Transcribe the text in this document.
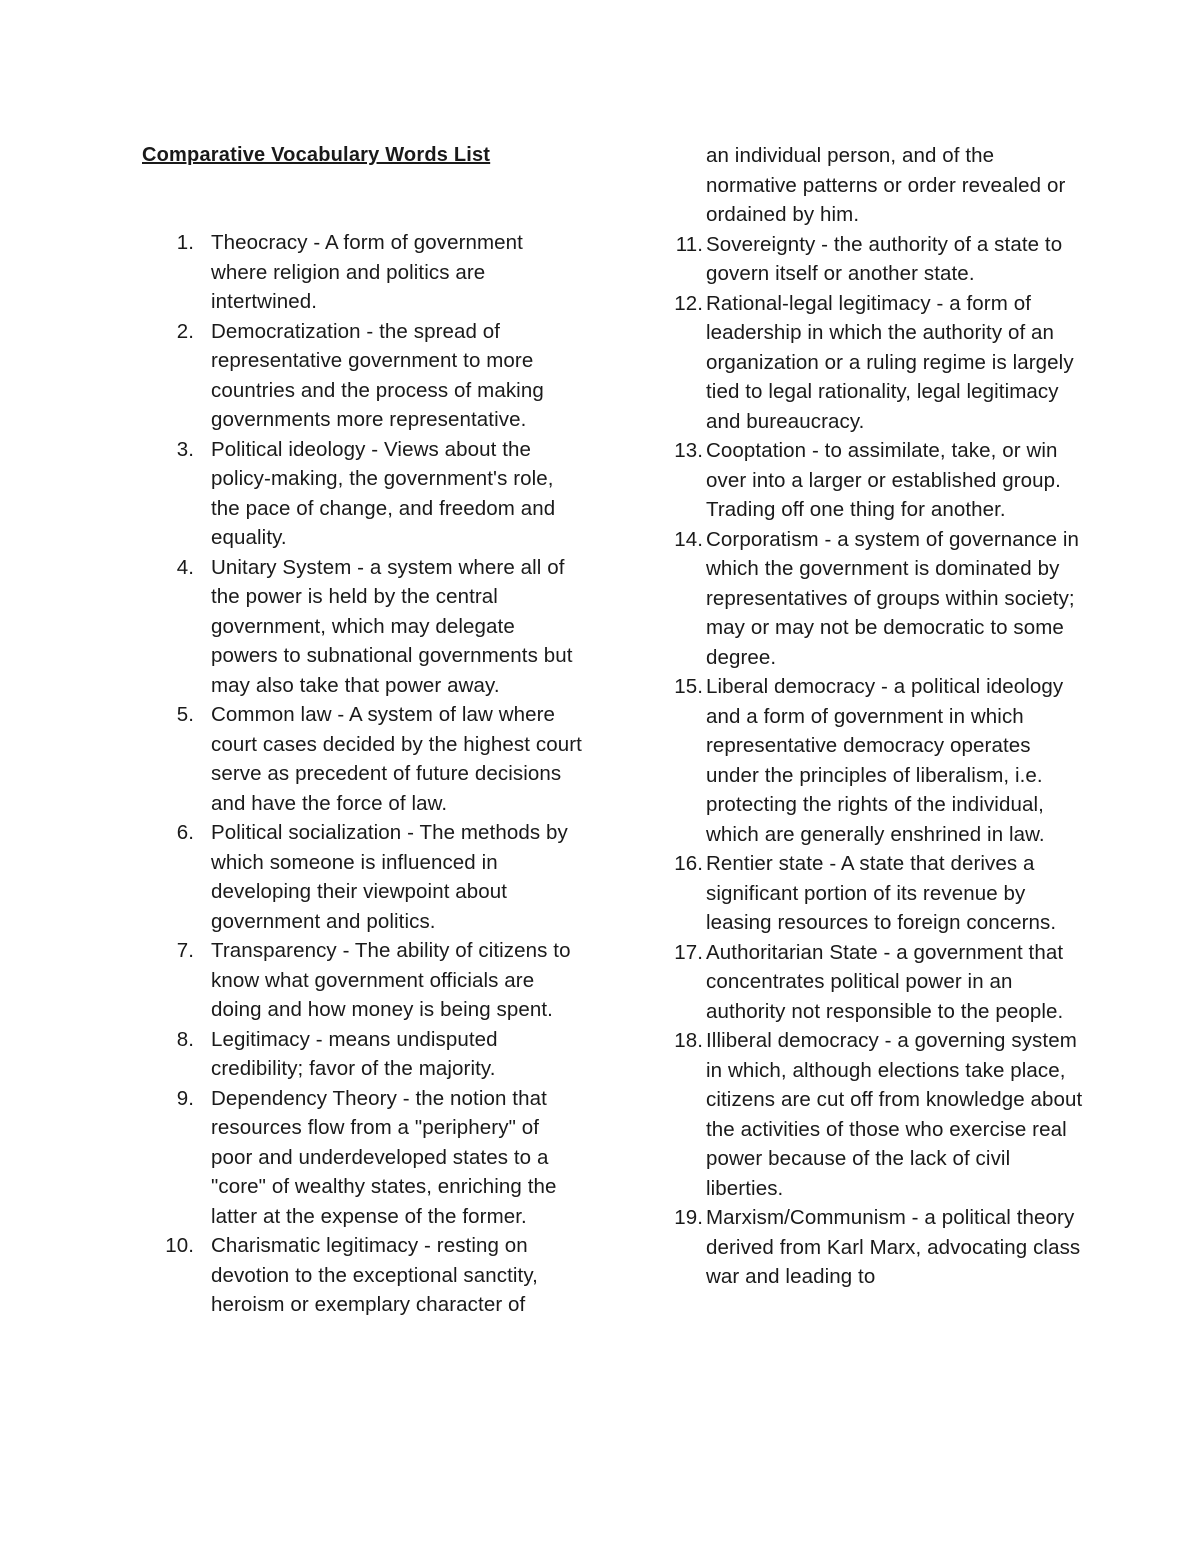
Comparative Vocabulary Words List
1. Theocracy - A form of government where religion and politics are intertwined.
2. Democratization - the spread of representative government to more countries and the process of making governments more representative.
3. Political ideology - Views about the policy-making, the government's role, the pace of change, and freedom and equality.
4. Unitary System - a system where all of the power is held by the central government, which may delegate powers to subnational governments but may also take that power away.
5. Common law - A system of law where court cases decided by the highest court serve as precedent of future decisions and have the force of law.
6. Political socialization - The methods by which someone is influenced in developing their viewpoint about government and politics.
7. Transparency - The ability of citizens to know what government officials are doing and how money is being spent.
8. Legitimacy - means undisputed credibility; favor of the majority.
9. Dependency Theory - the notion that resources flow from a "periphery" of poor and underdeveloped states to a "core" of wealthy states, enriching the latter at the expense of the former.
10. Charismatic legitimacy - resting on devotion to the exceptional sanctity, heroism or exemplary character of
an individual person, and of the normative patterns or order revealed or ordained by him.
11. Sovereignty - the authority of a state to govern itself or another state.
12. Rational-legal legitimacy - a form of leadership in which the authority of an organization or a ruling regime is largely tied to legal rationality, legal legitimacy and bureaucracy.
13. Cooptation - to assimilate, take, or win over into a larger or established group. Trading off one thing for another.
14. Corporatism - a system of governance in which the government is dominated by representatives of groups within society; may or may not be democratic to some degree.
15. Liberal democracy - a political ideology and a form of government in which representative democracy operates under the principles of liberalism, i.e. protecting the rights of the individual, which are generally enshrined in law.
16. Rentier state - A state that derives a significant portion of its revenue by leasing resources to foreign concerns.
17. Authoritarian State - a government that concentrates political power in an authority not responsible to the people.
18. Illiberal democracy - a governing system in which, although elections take place, citizens are cut off from knowledge about the activities of those who exercise real power because of the lack of civil liberties.
19. Marxism/Communism - a political theory derived from Karl Marx, advocating class war and leading to
